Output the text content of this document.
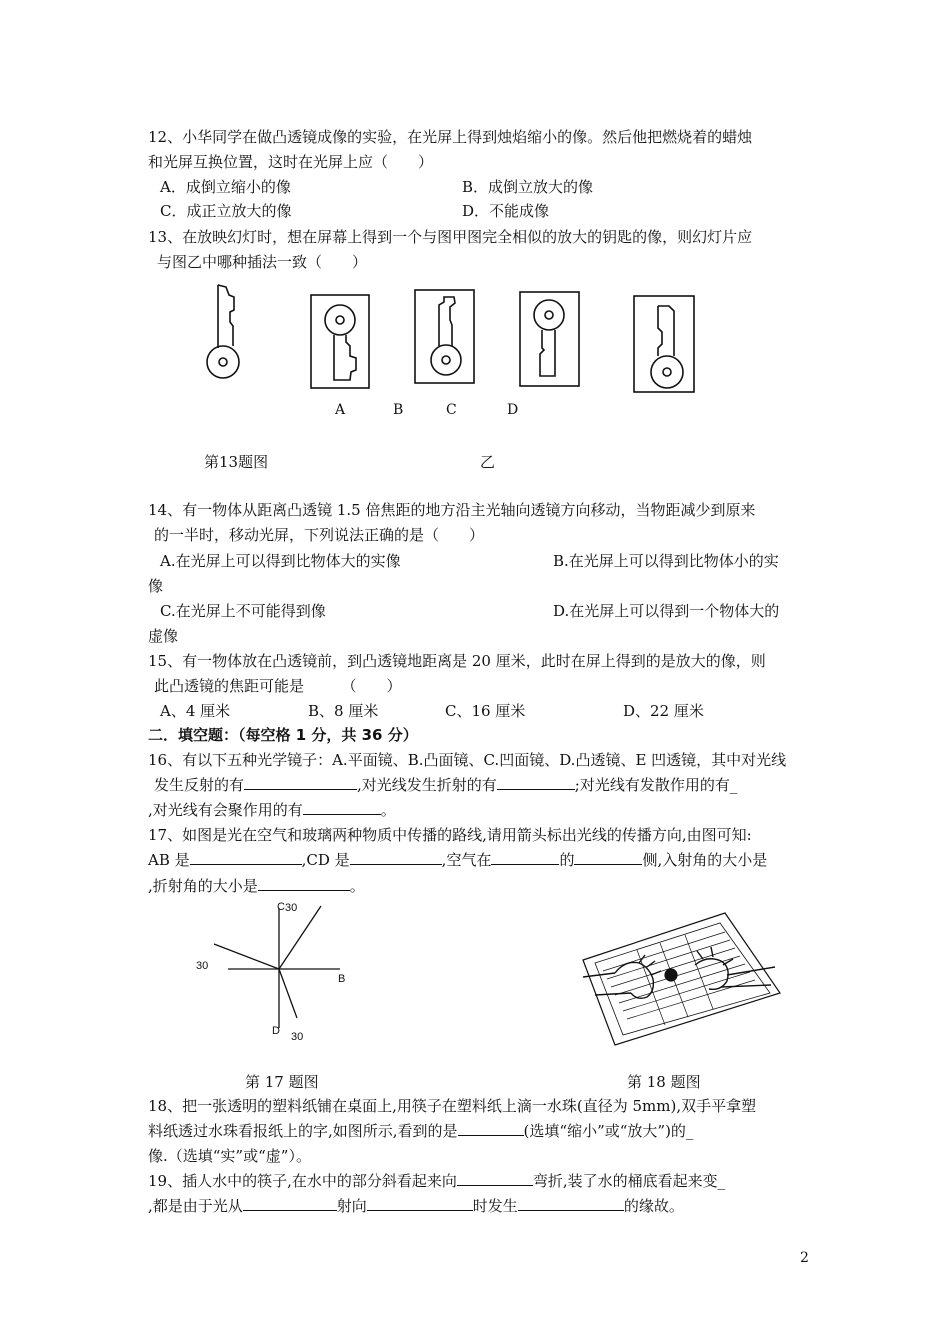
12、小华同学在做凸透镜成像的实验，在光屏上得到烛焰缩小的像。然后他把燃烧着的蜡烛
和光屏互换位置，这时在光屏上应（　　）
A．成倒立缩小的像	B．成倒立放大的像
C．成正立放大的像	D．不能成像
13、在放映幻灯时，想在屏幕上得到一个与图甲图完全相似的放大的钥匙的像，则幻灯片应
与图乙中哪种插法一致（　　）
A	B	C	D
第13题图	乙
14、有一物体从距离凸透镜 1.5 倍焦距的地方沿主光轴向透镜方向移动，当物距减少到原来
的一半时，移动光屏，下列说法正确的是（　　）
A.在光屏上可以得到比物体大的实像	B.在光屏上可以得到比物体小的实
像
C.在光屏上不可能得到像	D.在光屏上可以得到一个物体大的
虚像
15、有一物体放在凸透镜前，到凸透镜地距离是 20 厘米，此时在屏上得到的是放大的像，则
此凸透镜的焦距可能是　　　（　　）
A、4 厘米	B、8 厘米	C、16 厘米	D、22 厘米
二．填空题：（每空格 1 分，共 36 分）
16、有以下五种光学镜子：A.平面镜、B.凸面镜、C.凹面镜、D.凸透镜、E 凹透镜，其中对光线
发生反射的有	,对光线发生折射的有	;对光线有发散作用的有_
,对光线有会聚作用的有	。
17、如图是光在空气和玻璃两种物质中传播的路线,请用箭头标出光线的传播方向,由图可知:
AB 是	,CD 是	,空气在	的	侧,入射角的大小是
,折射角的大小是	。
C 30
30
B
D 30
第 17 题图	第 18 题图
18、把一张透明的塑料纸铺在桌面上,用筷子在塑料纸上滴一水珠(直径为 5mm),双手平拿塑
料纸透过水珠看报纸上的字,如图所示,看到的是	(选填“缩小”或“放大”)的_
像.（选填“实”或“虚”）。
19、插人水中的筷子,在水中的部分斜看起来向	弯折,装了水的桶底看起来变_
,都是由于光从	射向	时发生	的缘故。
2
